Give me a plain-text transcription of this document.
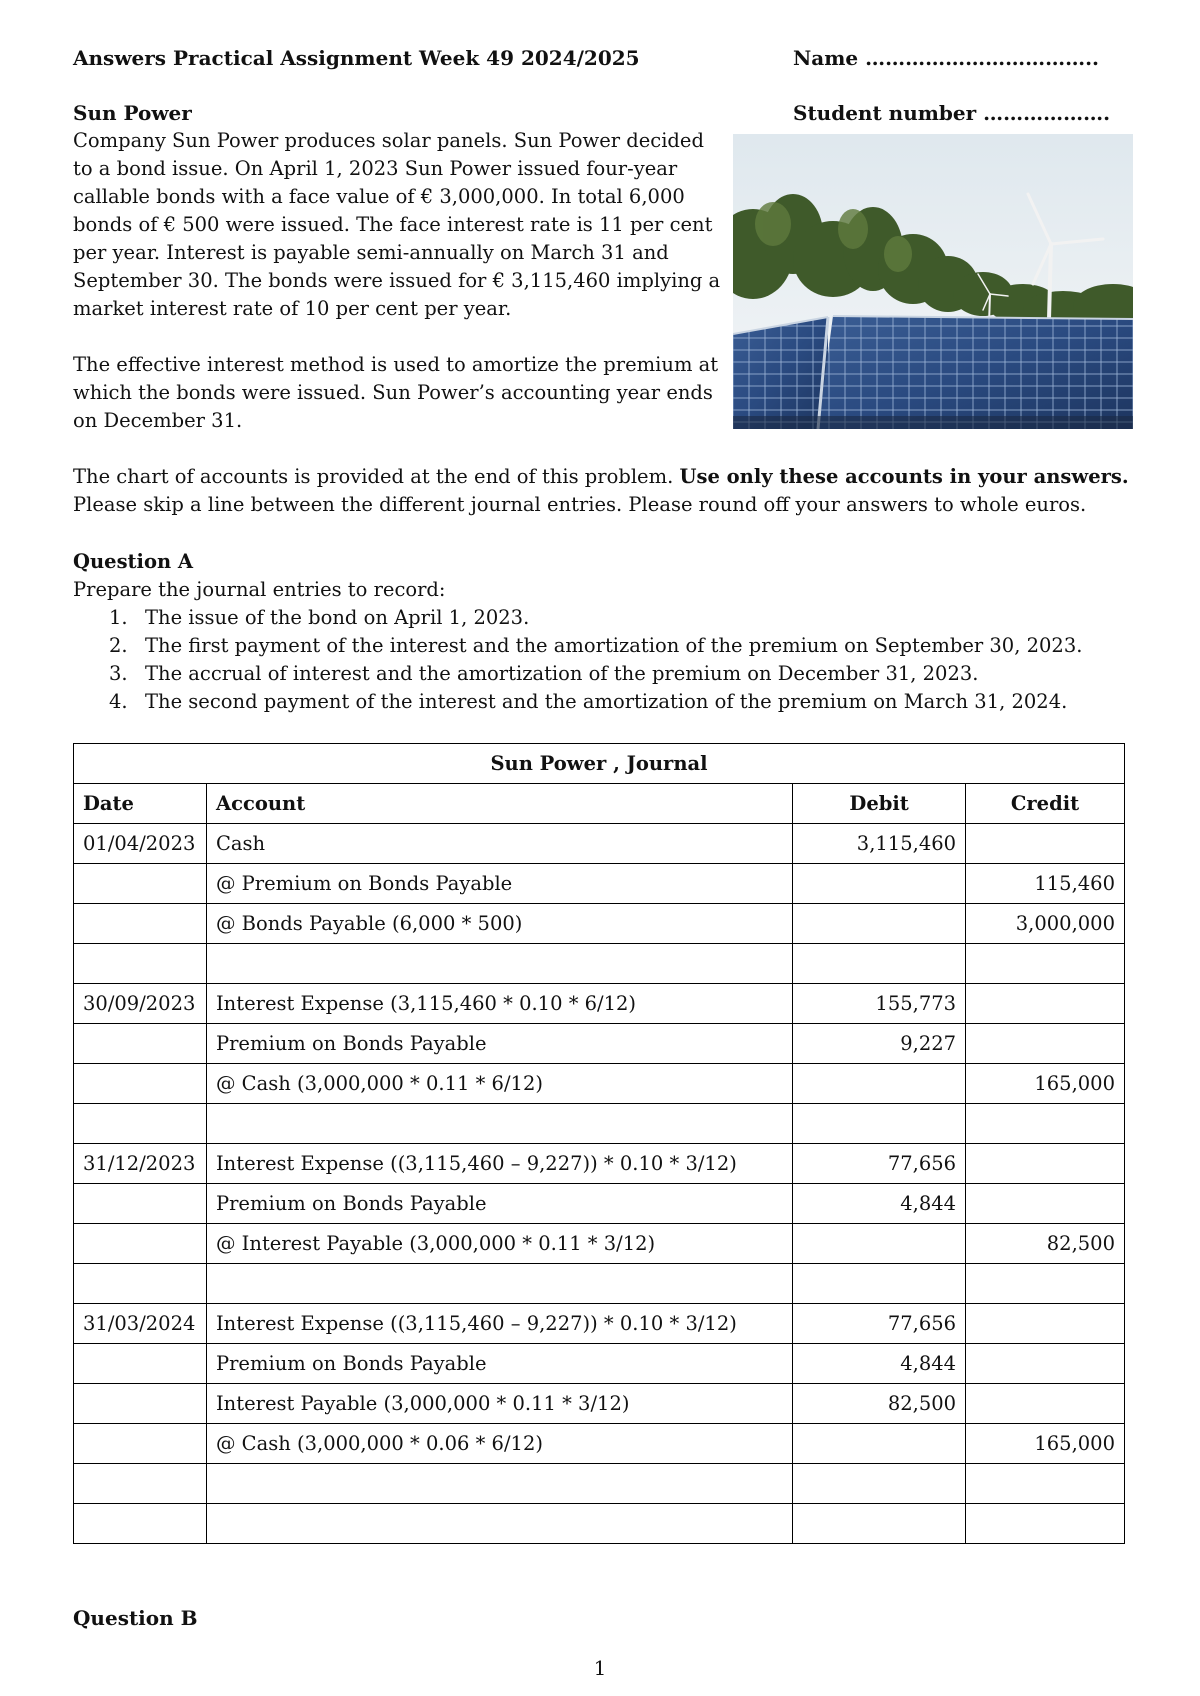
Answers Practical Assignment Week 49 2024/2025	Name ……………………………..
Sun Power	Student number ……………….
Company Sun Power produces solar panels. Sun Power decided to a bond issue. On April 1, 2023 Sun Power issued four-year callable bonds with a face value of € 3,000,000. In total 6,000 bonds of € 500 were issued. The face interest rate is 11 per cent per year. Interest is payable semi-annually on March 31 and September 30. The bonds were issued for € 3,115,460 implying a market interest rate of 10 per cent per year.
The effective interest method is used to amortize the premium at which the bonds were issued. Sun Power’s accounting year ends on December 31.
The chart of accounts is provided at the end of this problem. Use only these accounts in your answers. Please skip a line between the different journal entries. Please round off your answers to whole euros.
Question A
Prepare the journal entries to record:
1. The issue of the bond on April 1, 2023.
2. The first payment of the interest and the amortization of the premium on September 30, 2023.
3. The accrual of interest and the amortization of the premium on December 31, 2023.
4. The second payment of the interest and the amortization of the premium on March 31, 2024.
Sun Power , Journal			
Date	Account	Debit	Credit
01/04/2023	Cash	3,115,460	
	@ Premium on Bonds Payable		115,460
	@ Bonds Payable (6,000 * 500)		3,000,000

30/09/2023	Interest Expense (3,115,460 * 0.10 * 6/12)	155,773	
	Premium on Bonds Payable	9,227	
	@ Cash (3,000,000 * 0.11 * 6/12)		165,000

31/12/2023	Interest Expense ((3,115,460 – 9,227)) * 0.10 * 3/12)	77,656	
	Premium on Bonds Payable	4,844	
	@ Interest Payable (3,000,000 * 0.11 * 3/12)		82,500

31/03/2024	Interest Expense ((3,115,460 – 9,227)) * 0.10 * 3/12)	77,656	
	Premium on Bonds Payable	4,844	
	Interest Payable (3,000,000 * 0.11 * 3/12)	82,500	
	@ Cash (3,000,000 * 0.06 * 6/12)		165,000

Question B
1
